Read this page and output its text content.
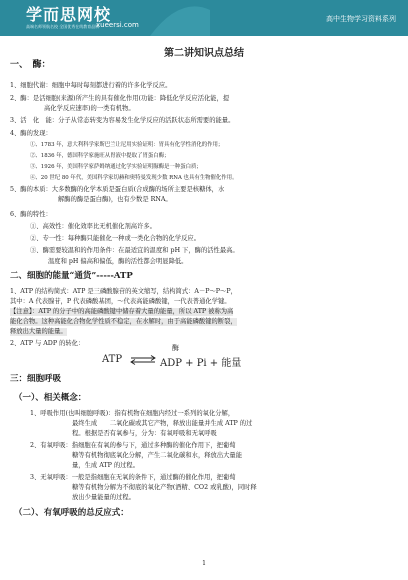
学而思网校
高端名师领航名校 全国优秀在线教育品牌
xueersi.com
高中生物学习资料系列
第二讲知识点总结
一、　酶：
1、细胞代谢：细胞中每时每刻都进行着的许多化学反应。
2、酶：是活细胞(来源)所产生的具有催化作用(功能：降低化学反应活化能，提
高化学反应速率)的一类有机物。
3、活　化　能：分子从常态转变为容易发生化学反应的活跃状态所需要的能量。
4、酶的发现：
①、1783 年，意大利科学家斯巴兰让尼用实验证明：胃具有化学性消化的作用；
②、1836 年，德国科学家施旺从胃液中提取了胃蛋白酶；
③、1926 年，美国科学家萨姆纳通过化学实验证明脲酶是一种蛋白质；
④、20 世纪 80 年代，美国科学家切赫和奥特曼发现少数 RNA 也具有生物催化作用。
5、酶的本质：大多数酶的化学本质是蛋白质(合成酶的场所主要是核糖体，水
解酶的酶是蛋白酶)，也有少数是 RNA。
6、酶的特性：
①、高效性：催化效率比无机催化剂高许多。
②、专一性：每种酶只能催化一种或一类化合物的化学反应。
③、酶需要较温和的作用条件：在最适宜的温度和 pH 下，酶的活性最高。
温度和 pH 偏高和偏低，酶的活性都会明显降低。
二、细胞的能量“通货”-----ATP
1、ATP 的结构简式：ATP 是三磷酸腺苷的英文缩写，结构简式：A－P～P～P，
其中：A 代表腺苷，P 代表磷酸基团，～代表高能磷酸键，一代表普通化学键。
【注意】：ATP 的分子中的高能磷酸键中储存着大量的能量，所以 ATP 被称为高
能化合物。这种高能化合物化学性质不稳定，在水解时，由于高能磷酸键的断裂，
释放出大量的能量。
2、ATP 与 ADP 的转化：
酶
ATP ⇌ ADP + Pi + 能量
三：细胞呼吸
（一）、相关概念：
1、呼吸作用(也叫细胞呼吸)：指有机物在细胞内经过一系列的氧化分解，
最终生成　　二氧化碳或其它产物，释放出能量并生成 ATP 的过
程。根据是否有氧参与，分为：有氧呼吸和无氧呼吸
2、有氧呼吸：指细胞在有氧的参与下，通过多种酶的催化作用下，把葡萄
糖等有机物彻底氧化分解，产生二氧化碳和水，释放出大量能
量，生成 ATP 的过程。
3、无氧呼吸：一般是指细胞在无氧的条件下，通过酶的催化作用，把葡萄
糖等有机物分解为不彻底的氧化产物(酒精、CO2 或乳酸)，同时释
放出少量能量的过程。
（二）、有氧呼吸的总反应式：
1
